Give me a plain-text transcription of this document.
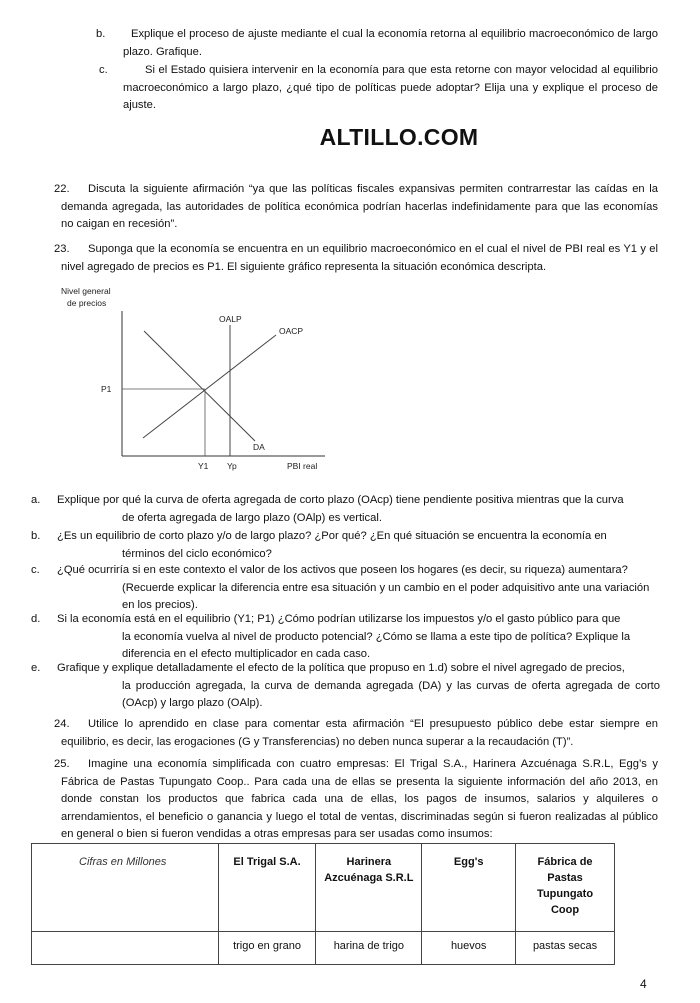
b.	Explique el proceso de ajuste mediante el cual la economía retorna al equilibrio macroeconómico de largo plazo. Grafique.
c.	Si el Estado quisiera intervenir en la economía para que esta retorne con mayor velocidad al equilibrio macroeconómico a largo plazo, ¿qué tipo de políticas puede adoptar? Elija una y explique el proceso de ajuste.
ALTILLO.COM
22.	Discuta la siguiente afirmación “ya que las políticas fiscales expansivas permiten contrarrestar las caídas en la demanda agregada, las autoridades de política económica podrían hacerlas indefinidamente para que las economías no caigan en recesión”.
23.	Suponga que la economía se encuentra en un equilibrio macroeconómico en el cual el nivel de PBI real es Y1 y el nivel agregado de precios es P1. El siguiente gráfico representa la situación económica descripta.
Nivel general
de precios
OALP
OACP
DA
P1
Y1 Yp	PBI real
a. Explique por qué la curva de oferta agregada de corto plazo (OAcp) tiene pendiente positiva mientras que la curva
de oferta agregada de largo plazo (OAlp) es vertical.
b. ¿Es un equilibrio de corto plazo y/o de largo plazo? ¿Por qué? ¿En qué situación se encuentra la economía en
términos del ciclo económico?
c. ¿Qué ocurriría si en este contexto el valor de los activos que poseen los hogares (es decir, su riqueza) aumentara?
(Recuerde explicar la diferencia entre esa situación y un cambio en el poder adquisitivo ante una variación en los precios).
d. Si la economía está en el equilibrio (Y1; P1) ¿Cómo podrían utilizarse los impuestos y/o el gasto público para que
la economía vuelva al nivel de producto potencial? ¿Cómo se llama a este tipo de política? Explique la diferencia en el efecto multiplicador en cada caso.
e. Grafique y explique detalladamente el efecto de la política que propuso en 1.d) sobre el nivel agregado de precios,
la producción agregada, la curva de demanda agregada (DA) y las curvas de oferta agregada de corto (OAcp) y largo plazo (OAlp).
24.	Utilice lo aprendido en clase para comentar esta afirmación “El presupuesto público debe estar siempre en equilibrio, es decir, las erogaciones (G y Transferencias) no deben nunca superar a la recaudación (T)”.
25.	Imagine una economía simplificada con cuatro empresas: El Trigal S.A., Harinera Azcuénaga S.R.L, Egg’s y Fábrica de Pastas Tupungato Coop.. Para cada una de ellas se presenta la siguiente información del año 2013, en donde constan los productos que fabrica cada una de ellas, los pagos de insumos, salarios y alquileres o arrendamientos, el beneficio o ganancia y luego el total de ventas, discriminadas según si fueron realizadas al público en general o bien si fueron vendidas a otras empresas para ser usadas como insumos:
Cifras en Millones	El Trigal S.A.	Harinera Azcuénaga S.R.L	Egg's	Fábrica de Pastas Tupungato Coop
	trigo en grano	harina de trigo	huevos	pastas secas
4
